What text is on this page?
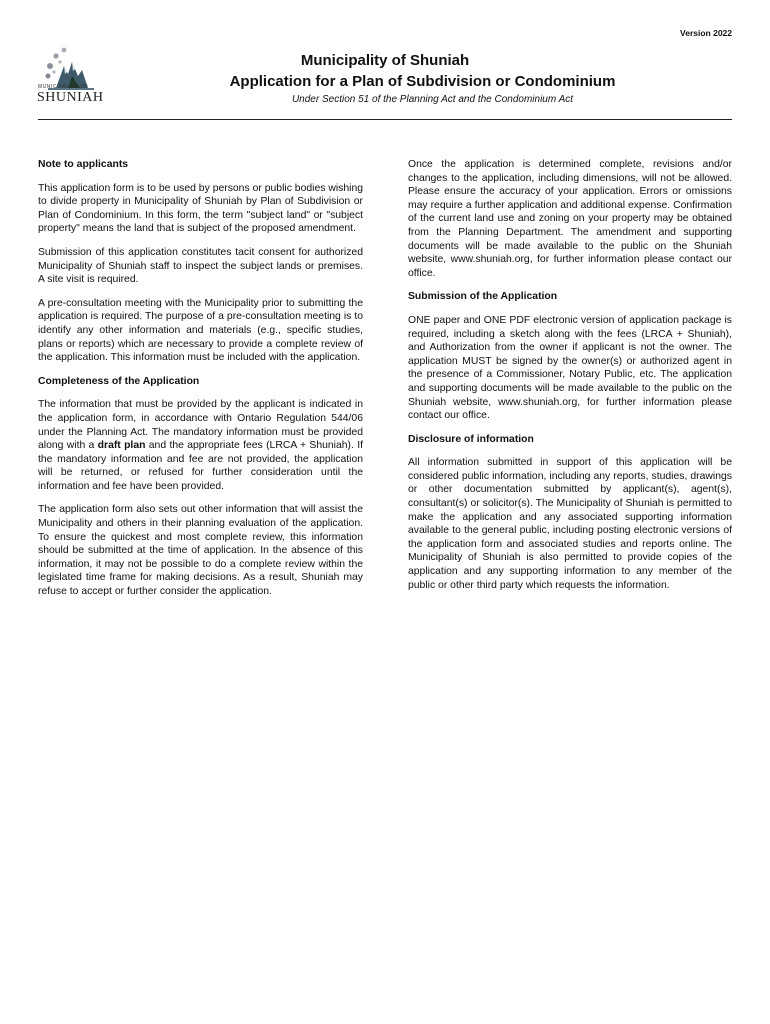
Version 2022
MUNICIPALITY OF
SHUNIAH
Municipality of Shuniah
Application for a Plan of Subdivision or Condominium
Under Section 51 of the Planning Act and the Condominium Act
Note to applicants

This application form is to be used by persons or public bodies wishing to divide property in Municipality of Shuniah by Plan of Subdivision or Plan of Condominium. In this form, the term "subject land" or "subject property" means the land that is subject of the proposed amendment.

Submission of this application constitutes tacit consent for authorized Municipality of Shuniah staff to inspect the subject lands or premises. A site visit is required.

A pre-consultation meeting with the Municipality prior to submitting the application is required. The purpose of a pre-consultation meeting is to identify any other information and materials (e.g., specific studies, plans or reports) which are necessary to provide a complete review of the application. This information must be included with the application.

Completeness of the Application

The information that must be provided by the applicant is indicated in the application form, in accordance with Ontario Regulation 544/06 under the Planning Act. The mandatory information must be provided along with a draft plan and the appropriate fees (LRCA + Shuniah). If the mandatory information and fee are not provided, the application will be returned, or refused for further consideration until the information and fee have been provided.

The application form also sets out other information that will assist the Municipality and others in their planning evaluation of the application. To ensure the quickest and most complete review, this information should be submitted at the time of application. In the absence of this information, it may not be possible to do a complete review within the legislated time frame for making decisions. As a result, Shuniah may refuse to accept or further consider the application.

Once the application is determined complete, revisions and/or changes to the application, including dimensions, will not be allowed. Please ensure the accuracy of your application. Errors or omissions may require a further application and additional expense. Confirmation of the current land use and zoning on your property may be obtained from the Planning Department. The amendment and supporting documents will be made available to the public on the Shuniah website, www.shuniah.org, for further information please contact our office.

Submission of the Application

ONE paper and ONE PDF electronic version of application package is required, including a sketch along with the fees (LRCA + Shuniah), and Authorization from the owner if applicant is not the owner. The application MUST be signed by the owner(s) or authorized agent in the presence of a Commissioner, Notary Public, etc. The application and supporting documents will be made available to the public on the Shuniah website, www.shuniah.org, for further information please contact our office.

Disclosure of information

All information submitted in support of this application will be considered public information, including any reports, studies, drawings or other documentation submitted by applicant(s), agent(s), consultant(s) or solicitor(s). The Municipality of Shuniah is permitted to make the application and any associated supporting information available to the general public, including posting electronic versions of the application form and associated studies and reports online. The Municipality of Shuniah is also permitted to provide copies of the application and any supporting information to any member of the public or other third party which requests the information.
